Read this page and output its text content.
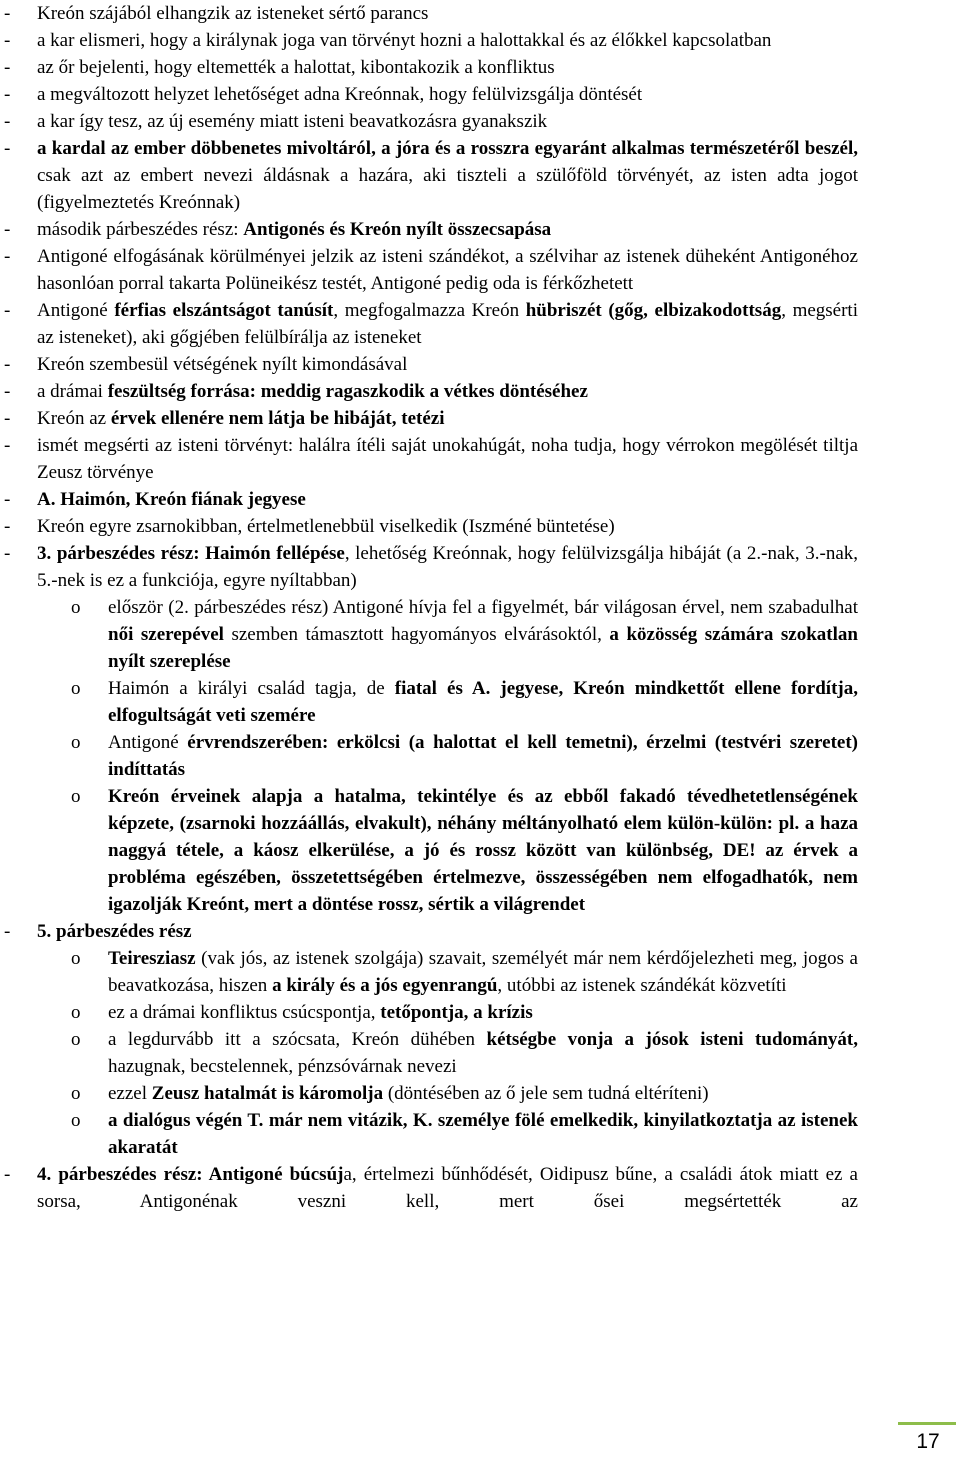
- Kreón szájából elhangzik az isteneket sértő parancs
- a kar elismeri, hogy a királynak joga van törvényt hozni a halottakkal és az élőkkel kapcsolatban
- az őr bejelenti, hogy eltemették a halottat, kibontakozik a konfliktus
- a megváltozott helyzet lehetőséget adna Kreónnak, hogy felülvizsgálja döntését
- a kar így tesz, az új esemény miatt isteni beavatkozásra gyanakszik
- a kardal az ember döbbenetes mivoltáról, a jóra és a rosszra egyaránt alkalmas természetéről beszél, csak azt az embert nevezi áldásnak a hazára, aki tiszteli a szülőföld törvényét, az isten adta jogot (figyelmeztetés Kreónnak)
- második párbeszédes rész: Antigonés és Kreón nyílt összecsapása
- Antigoné elfogásának körülményei jelzik az isteni szándékot, a szélvihar az istenek düheként Antigonéhoz hasonlóan porral takarta Polüneikész testét, Antigoné pedig oda is férkőzhetett
- Antigoné férfias elszántságot tanúsít, megfogalmazza Kreón hübriszét (gőg, elbizakodottság, megsérti az isteneket), aki gőgjében felülbírálja az isteneket
- Kreón szembesül vétségének nyílt kimondásával
- a drámai feszültség forrása: meddig ragaszkodik a vétkes döntéséhez
- Kreón az érvek ellenére nem látja be hibáját, tetézi
- ismét megsérti az isteni törvényt: halálra ítéli saját unokahúgát, noha tudja, hogy vérrokon megölését tiltja Zeusz törvénye
- A. Haimón, Kreón fiának jegyese
- Kreón egyre zsarnokibban, értelmetlenebbül viselkedik (Iszméné büntetése)
- 3. párbeszédes rész: Haimón fellépése, lehetőség Kreónnak, hogy felülvizsgálja hibáját (a 2.-nak, 3.-nak, 5.-nek is ez a funkciója, egyre nyíltabban)
o először (2. párbeszédes rész) Antigoné hívja fel a figyelmét, bár világosan érvel, nem szabadulhat női szerepével szemben támasztott hagyományos elvárásoktól, a közösség számára szokatlan nyílt szereplése
o Haimón a királyi család tagja, de fiatal és A. jegyese, Kreón mindkettőt ellene fordítja, elfogultságát veti szemére
o Antigoné érvrendszerében: erkölcsi (a halottat el kell temetni), érzelmi (testvéri szeretet) indíttatás
o Kreón érveinek alapja a hatalma, tekintélye és az ebből fakadó tévedhetetlenségének képzete, (zsarnoki hozzáállás, elvakult), néhány méltányolható elem külön-külön: pl. a haza naggyá tétele, a káosz elkerülése, a jó és rossz között van különbség, DE! az érvek a probléma egészében, összetettségében értelmezve, összességében nem elfogadhatók, nem igazolják Kreónt, mert a döntése rossz, sértik a világrendet
- 5. párbeszédes rész
o Teiresziasz (vak jós, az istenek szolgája) szavait, személyét már nem kérdőjelezheti meg, jogos a beavatkozása, hiszen a király és a jós egyenrangú, utóbbi az istenek szándékát közvetíti
o ez a drámai konfliktus csúcspontja, tetőpontja, a krízis
o a legdurvább itt a szócsata, Kreón dühében kétségbe vonja a jósok isteni tudományát, hazugnak, becstelennek, pénzsóvárnak nevezi
o ezzel Zeusz hatalmát is káromolja (döntésében az ő jele sem tudná eltéríteni)
o a dialógus végén T. már nem vitázik, K. személye fölé emelkedik, kinyilatkoztatja az istenek akaratát
- 4. párbeszédes rész: Antigoné búcsúja, értelmezi bűnhődését, Oidipusz bűne, a családi átok miatt ez a sorsa, Antigonénak veszni kell, mert ősei megsértették az
17
